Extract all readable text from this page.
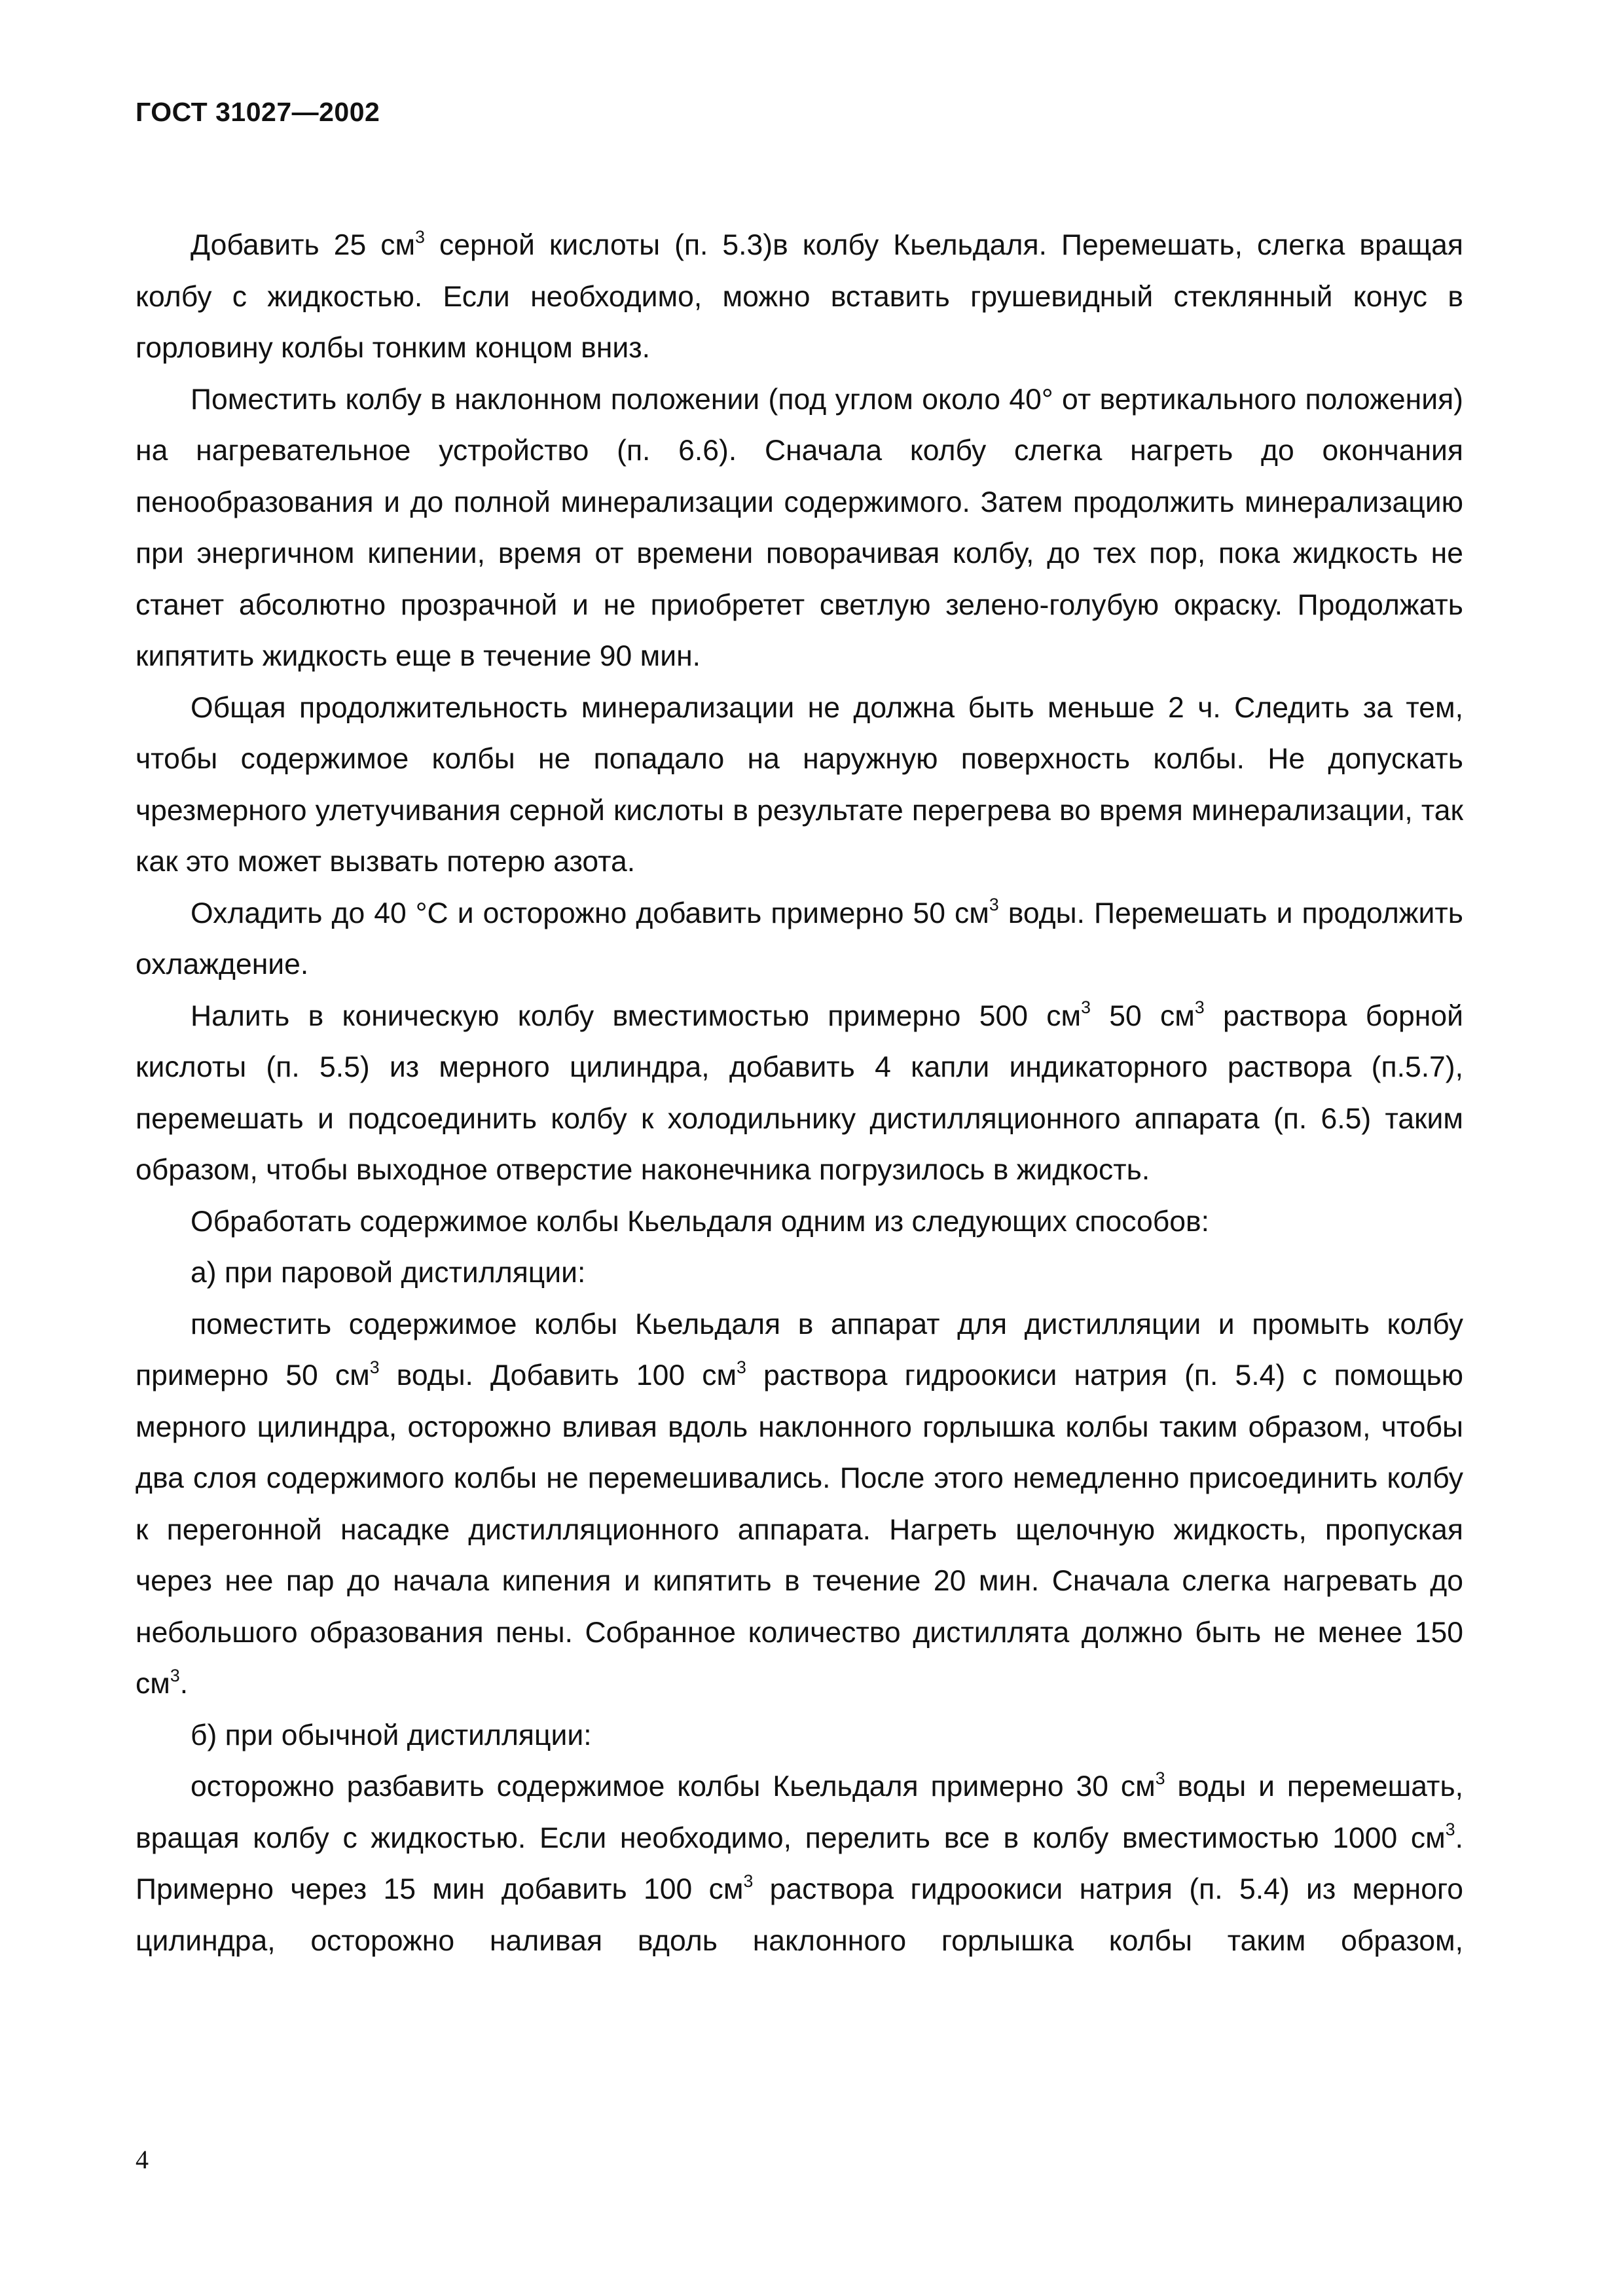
ГОСТ 31027—2002

Добавить 25 $см^3$ серной кислоты (п. 5.3)в колбу Кьельдаля. Перемешать, слегка вращая колбу с жидкостью. Если необходимо, можно вставить грушевидный стеклянный конус в горловину колбы тонким концом вниз.

Поместить колбу в наклонном положении (под углом около 40° от вертикального положения) на нагревательное устройство (п. 6.6). Сначала колбу слегка нагреть до окончания пенообразования и до полной минерализации содержимого. Затем продолжить минерализацию при энергичном кипении, время от времени поворачивая колбу, до тех пор, пока жидкость не станет абсолютно прозрачной и не приобретет светлую зелено-голубую окраску. Продолжать кипятить жидкость еще в течение 90 мин.

Общая продолжительность минерализации не должна быть меньше 2 ч. Следить за тем, чтобы содержимое колбы не попадало на наружную поверхность колбы. Не допускать чрезмерного улетучивания серной кислоты в результате перегрева во время минерализации, так как это может вызвать потерю азота.

Охладить до 40 °С и осторожно добавить примерно 50 $см^3$ воды. Перемешать и продолжить охлаждение.

Налить в коническую колбу вместимостью примерно 500 $см^3$ 50 $см^3$ раствора борной кислоты (п. 5.5) из мерного цилиндра, добавить 4 капли индикаторного раствора (п.5.7), перемешать и подсоединить колбу к холодильнику дистилляционного аппарата (п. 6.5) таким образом, чтобы выходное отверстие наконечника погрузилось в жидкость.

Обработать содержимое колбы Кьельдаля одним из следующих способов:

а) при паровой дистилляции:

поместить содержимое колбы Кьельдаля в аппарат для дистилляции и промыть колбу примерно 50 $см^3$ воды. Добавить 100 $см^3$ раствора гидроокиси натрия (п. 5.4) с помощью мерного цилиндра, осторожно вливая вдоль наклонного горлышка колбы таким образом, чтобы два слоя содержимого колбы не перемешивались. После этого немедленно присоединить колбу к перегонной насадке дистилляционного аппарата. Нагреть щелочную жидкость, пропуская через нее пар до начала кипения и кипятить в течение 20 мин. Сначала слегка нагревать до небольшого образования пены. Собранное количество дистиллята должно быть не менее 150 $см^3$.

б) при обычной дистилляции:

осторожно разбавить содержимое колбы Кьельдаля примерно 30 $см^3$ воды и перемешать, вращая колбу с жидкостью. Если необходимо, перелить все в колбу вместимостью 1000 $см^3$. Примерно через 15 мин добавить 100 $см^3$ раствора гидроокиси натрия (п. 5.4) из мерного цилиндра, осторожно наливая вдоль наклонного горлышка колбы таким образом,

4
